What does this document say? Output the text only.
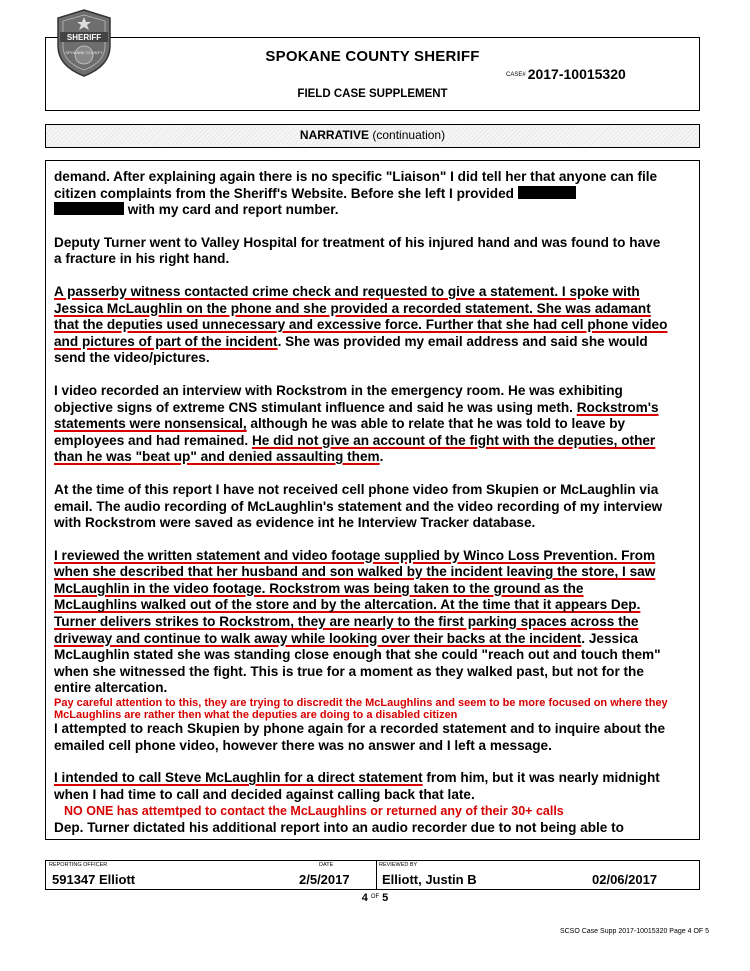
SPOKANE COUNTY SHERIFF
CASE# 2017-10015320
FIELD CASE SUPPLEMENT
SHERIFF
SPOKANE COUNTY
NARRATIVE (continuation)

demand. After explaining again there is no specific "Liaison" I did tell her that anyone can file citizen complaints from the Sheriff's Website. Before she left I provided
with my card and report number.

Deputy Turner went to Valley Hospital for treatment of his injured hand and was found to have a fracture in his right hand.

A passerby witness contacted crime check and requested to give a statement. I spoke with Jessica McLaughlin on the phone and she provided a recorded statement. She was adamant that the deputies used unnecessary and excessive force. Further that she had cell phone video and pictures of part of the incident. She was provided my email address and said she would send the video/pictures.

I video recorded an interview with Rockstrom in the emergency room. He was exhibiting objective signs of extreme CNS stimulant influence and said he was using meth. Rockstrom's statements were nonsensical, although he was able to relate that he was told to leave by employees and had remained. He did not give an account of the fight with the deputies, other than he was "beat up" and denied assaulting them.

At the time of this report I have not received cell phone video from Skupien or McLaughlin via email. The audio recording of McLaughlin's statement and the video recording of my interview with Rockstrom were saved as evidence int he Interview Tracker database.

I reviewed the written statement and video footage supplied by Winco Loss Prevention. From when she described that her husband and son walked by the incident leaving the store, I saw McLaughlin in the video footage. Rockstrom was being taken to the ground as the McLaughlins walked out of the store and by the altercation. At the time that it appears Dep. Turner delivers strikes to Rockstrom, they are nearly to the first parking spaces across the driveway and continue to walk away while looking over their backs at the incident. Jessica McLaughlin stated she was standing close enough that she could "reach out and touch them" when she witnessed the fight. This is true for a moment as they walked past, but not for the entire altercation.

Pay careful attention to this, they are trying to discredit the McLaughlins and seem to be more focused on where they McLaughlins are rather then what the deputies are doing to a disabled citizen

I attempted to reach Skupien by phone again for a recorded statement and to inquire about the emailed cell phone video, however there was no answer and I left a message.

I intended to call Steve McLaughlin for a direct statement from him, but it was nearly midnight when I had time to call and decided against calling back that late.

NO ONE has attemtped to contact the McLaughlins or returned any of their 30+ calls

Dep. Turner dictated his additional report into an audio recorder due to not being able to

REPORTING OFFICER
591347 Elliott
DATE
2/5/2017
REVIEWED BY
Elliott, Justin B	02/06/2017
4 $^{OF}$ 5
SCSO Case Supp 2017-10015320 Page 4 OF 5
